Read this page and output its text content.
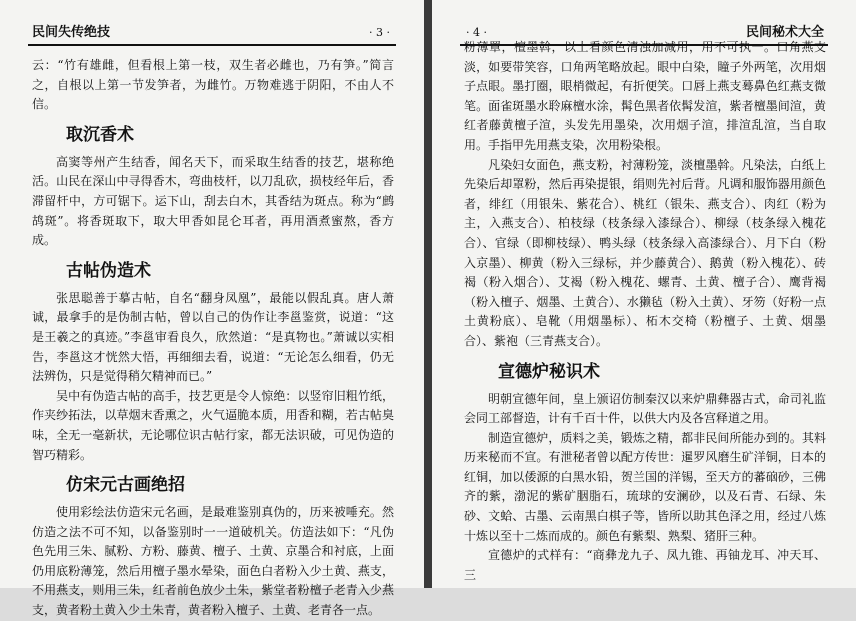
民间失传绝技	· 3 ·

云：“竹有雄雌，但看根上第一枝，双生者必雌也，乃有笋。”简言之，自根以上第一节发笋者，为雌竹。万物难逃于阴阳，不由人不信。

取沉香术

高窦等州产生结香，闻名天下，而采取生结香的技艺，堪称绝活。山民在深山中寻得香木，弯曲枝杆，以刀乱砍，损枝经年后，香滞留杆中，方可锯下。运下山，刮去白木，其香结为斑点。称为“鹧鸪斑”。将香斑取下，取大甲香如昆仑耳者，再用酒煮蜜熬，香方成。

古帖伪造术

张思聪善于摹古帖，自名“翻身凤凰”，最能以假乱真。唐人萧诚，最拿手的是伪制古帖，曾以自己的伪作让李邕鉴赏，说道：“这是王羲之的真迹。”李邕审看良久，欣然道：“是真物也。”萧诚以实相告，李邕这才恍然大悟，再细细去看，说道：“无论怎么细看，仍无法辨伪，只是觉得稍欠精神而已。”

吴中有伪造古帖的高手，技艺更是令人惊绝：以竖帘旧粗竹纸，作夹纱拓法，以草烟末香熏之，火气逼脆本质，用香和糊，若古帖臭味，全无一毫新状，无论哪位识古帖行家，都无法识破，可见伪造的智巧精彩。

仿宋元古画绝招

使用彩绘法仿造宋元名画，是最难鉴别真伪的，历来被唾充。然仿造之法不可不知，以备鉴别时一一道破机关。仿造法如下：“凡伪色先用三朱、腻粉、方粉、藤黄、檀子、土黄、京墨合和衬底，上面仍用底粉薄笼，然后用檀子墨水晕染，面色白者粉入少土黄、燕支，不用燕支，则用三朱，红者前色放少土朱，紫堂者粉檀子老青入少燕支，黄者粉土黄入少土朱青，黄者粉入檀子、土黄、老青各一点。

· 4 ·	民间秘术大全

粉薄罩，檀墨斡，以上看颜色清浊加减用，用不可执一。口角燕支淡，如要带笑容，口角两笔略放起。眼中白染，瞳子外两笔，次用烟子点眼。墨打圈，眼梢微起，有折便笑。口唇上燕支蓦鼻色红燕支微笔。面雀斑墨水聆麻檀水涂，髯色黑者依髯发渲，紫者檀墨间渲，黄红者藤黄檀子渲，头发先用墨染，次用烟子渲，排渲乱渲，当自取用。手指甲先用燕支染，次用粉染根。

凡染妇女面色，燕支粉，衬薄粉笼，淡檀墨斡。凡染法，白纸上先染后却罩粉，然后再染提银，绢则先衬后背。凡调和服饰器用颜色者，绯红（用银朱、紫花合）、桃红（银朱、燕支合）、肉红（粉为主，入燕支合）、柏枝绿（枝条绿入漆绿合）、柳绿（枝条绿入槐花合）、官绿（即柳枝绿）、鸭头绿（枝条绿入高漆绿合）、月下白（粉入京墨）、柳黄（粉入三绿标，并少藤黄合）、鹅黄（粉入槐花）、砖褐（粉入烟合）、艾褐（粉入槐花、螺青、土黄、檀子合）、鹰背褐（粉入檀子、烟墨、土黄合）、水獭毡（粉入土黄）、牙笏（好粉一点土黄粉底）、皂靴（用烟墨标）、柘木交椅（粉檀子、土黄、烟墨合）、紫袍（三青燕支合）。

宣德炉秘识术

明朝宣德年间，皇上颁诏仿制秦汉以来炉鼎彝器古式，命司礼监会同工部督造，计有千百十件，以供大内及各宫释道之用。

制造宣德炉，质料之美，锻炼之精，都非民间所能办到的。其料历来秘而不宣。有泄秘者曾以配方传世：暹罗风磨生矿洋铜，日本的红铜，加以倭源的白黑水铅，贺兰国的洋锡，至天方的蕃硇砂，三佛齐的紫，渤泥的紫矿胭脂石，琉球的安澜砂，以及石青、石绿、朱砂、文蛤、古墨、云南黑白棋子等，皆所以助其色泽之用，经过八炼十炼以至十二炼而成的。颜色有紫梨、熟梨、猪肝三种。

宣德炉的式样有：“商彝龙九子、凤九锥、再铀龙耳、冲天耳、三
